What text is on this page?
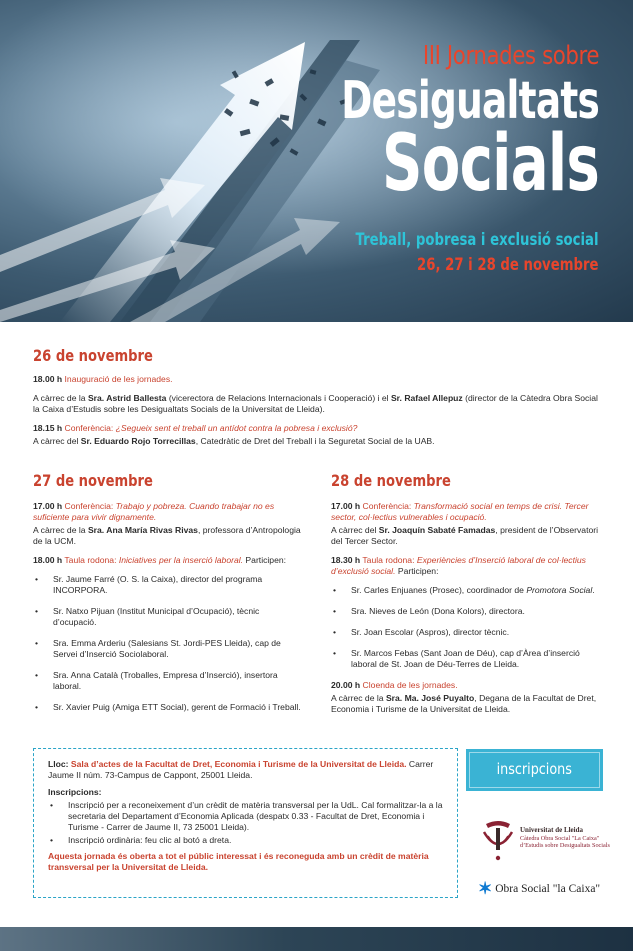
III Jornades sobre
Desigualtats
Socials
Treball, pobresa i exclusió social
26, 27 i 28 de novembre
26 de novembre

18.00 h Inauguració de les jornades.

A càrrec de la Sra. Astrid Ballesta (vicerectora de Relacions Internacionals i Cooperació) i el Sr. Rafael Allepuz (director de la Càtedra Obra Social la Caixa d’Estudis sobre les Desigualtats Socials de la Universitat de Lleida).

18.15 h Conferència: ¿Segueix sent el treball un antídot contra la pobresa i exclusió?

A càrrec del Sr. Eduardo Rojo Torrecillas, Catedràtic de Dret del Treball i la Seguretat Social de la UAB.

27 de novembre

17.00 h Conferència: Trabajo y pobreza. Cuando trabajar no es suficiente para vivir dignamente.

A càrrec de la Sra. Ana María Rivas Rivas, professora d’Antropologia de la UCM.

18.00 h Taula rodona: Iniciatives per la inserció laboral. Participen:

• Sr. Jaume Farré (O. S. la Caixa), director del programa INCORPORA.
• Sr. Natxo Pijuan (Institut Municipal d’Ocupació), tècnic d’ocupació.
• Sra. Emma Arderiu (Salesians St. Jordi-PES Lleida), cap de Servei d’Inserció Sociolaboral.
• Sra. Anna Català (Troballes, Empresa d’Inserció), insertora laboral.
• Sr. Xavier Puig (Amiga ETT Social), gerent de Formació i Treball.
28 de novembre

17.00 h Conferència: Transformació social en temps de crisi. Tercer sector, col·lectius vulnerables i ocupació.

A càrrec del Sr. Joaquín Sabaté Famadas, president de l’Observatori del Tercer Sector.

18.30 h Taula rodona: Experiències d’Inserció laboral de col·lectius d’exclusió social. Participen:

• Sr. Carles Enjuanes (Prosec), coordinador de Promotora Social.
• Sra. Nieves de León (Dona Kolors), directora.
• Sr. Joan Escolar (Aspros), director tècnic.
• Sr. Marcos Febas (Sant Joan de Déu), cap d’Àrea d’inserció laboral de St. Joan de Déu-Terres de Lleida.

20.00 h Cloenda de les jornades.

A càrrec de la Sra. Ma. José Puyalto, Degana de la Facultat de Dret, Economia i Turisme de la Universitat de Lleida.

Lloc: Sala d’actes de la Facultat de Dret, Economia i Turisme de la Universitat de Lleida. Carrer Jaume II núm. 73-Campus de Cappont, 25001 Lleida.

Inscripcions:

• Inscripció per a reconeixement d’un crèdit de matèria transversal per la UdL. Cal formalitzar-la a la secretaria del Departament d’Economia Aplicada (despatx 0.33 - Facultat de Dret, Economia i Turisme - Carrer de Jaume II, 73 25001 Lleida).
• Inscripció ordinària: feu clic al botó a dreta.

Aquesta jornada és oberta a tot el públic interessat i és reconeguda amb un crèdit de matèria transversal per la Universitat de Lleida.

inscripcions
Universitat de Lleida
Càtedra Obra Social "La Caixa" d’Estudis sobre Desigualtats Socials
✶ Obra Social "la Caixa"
